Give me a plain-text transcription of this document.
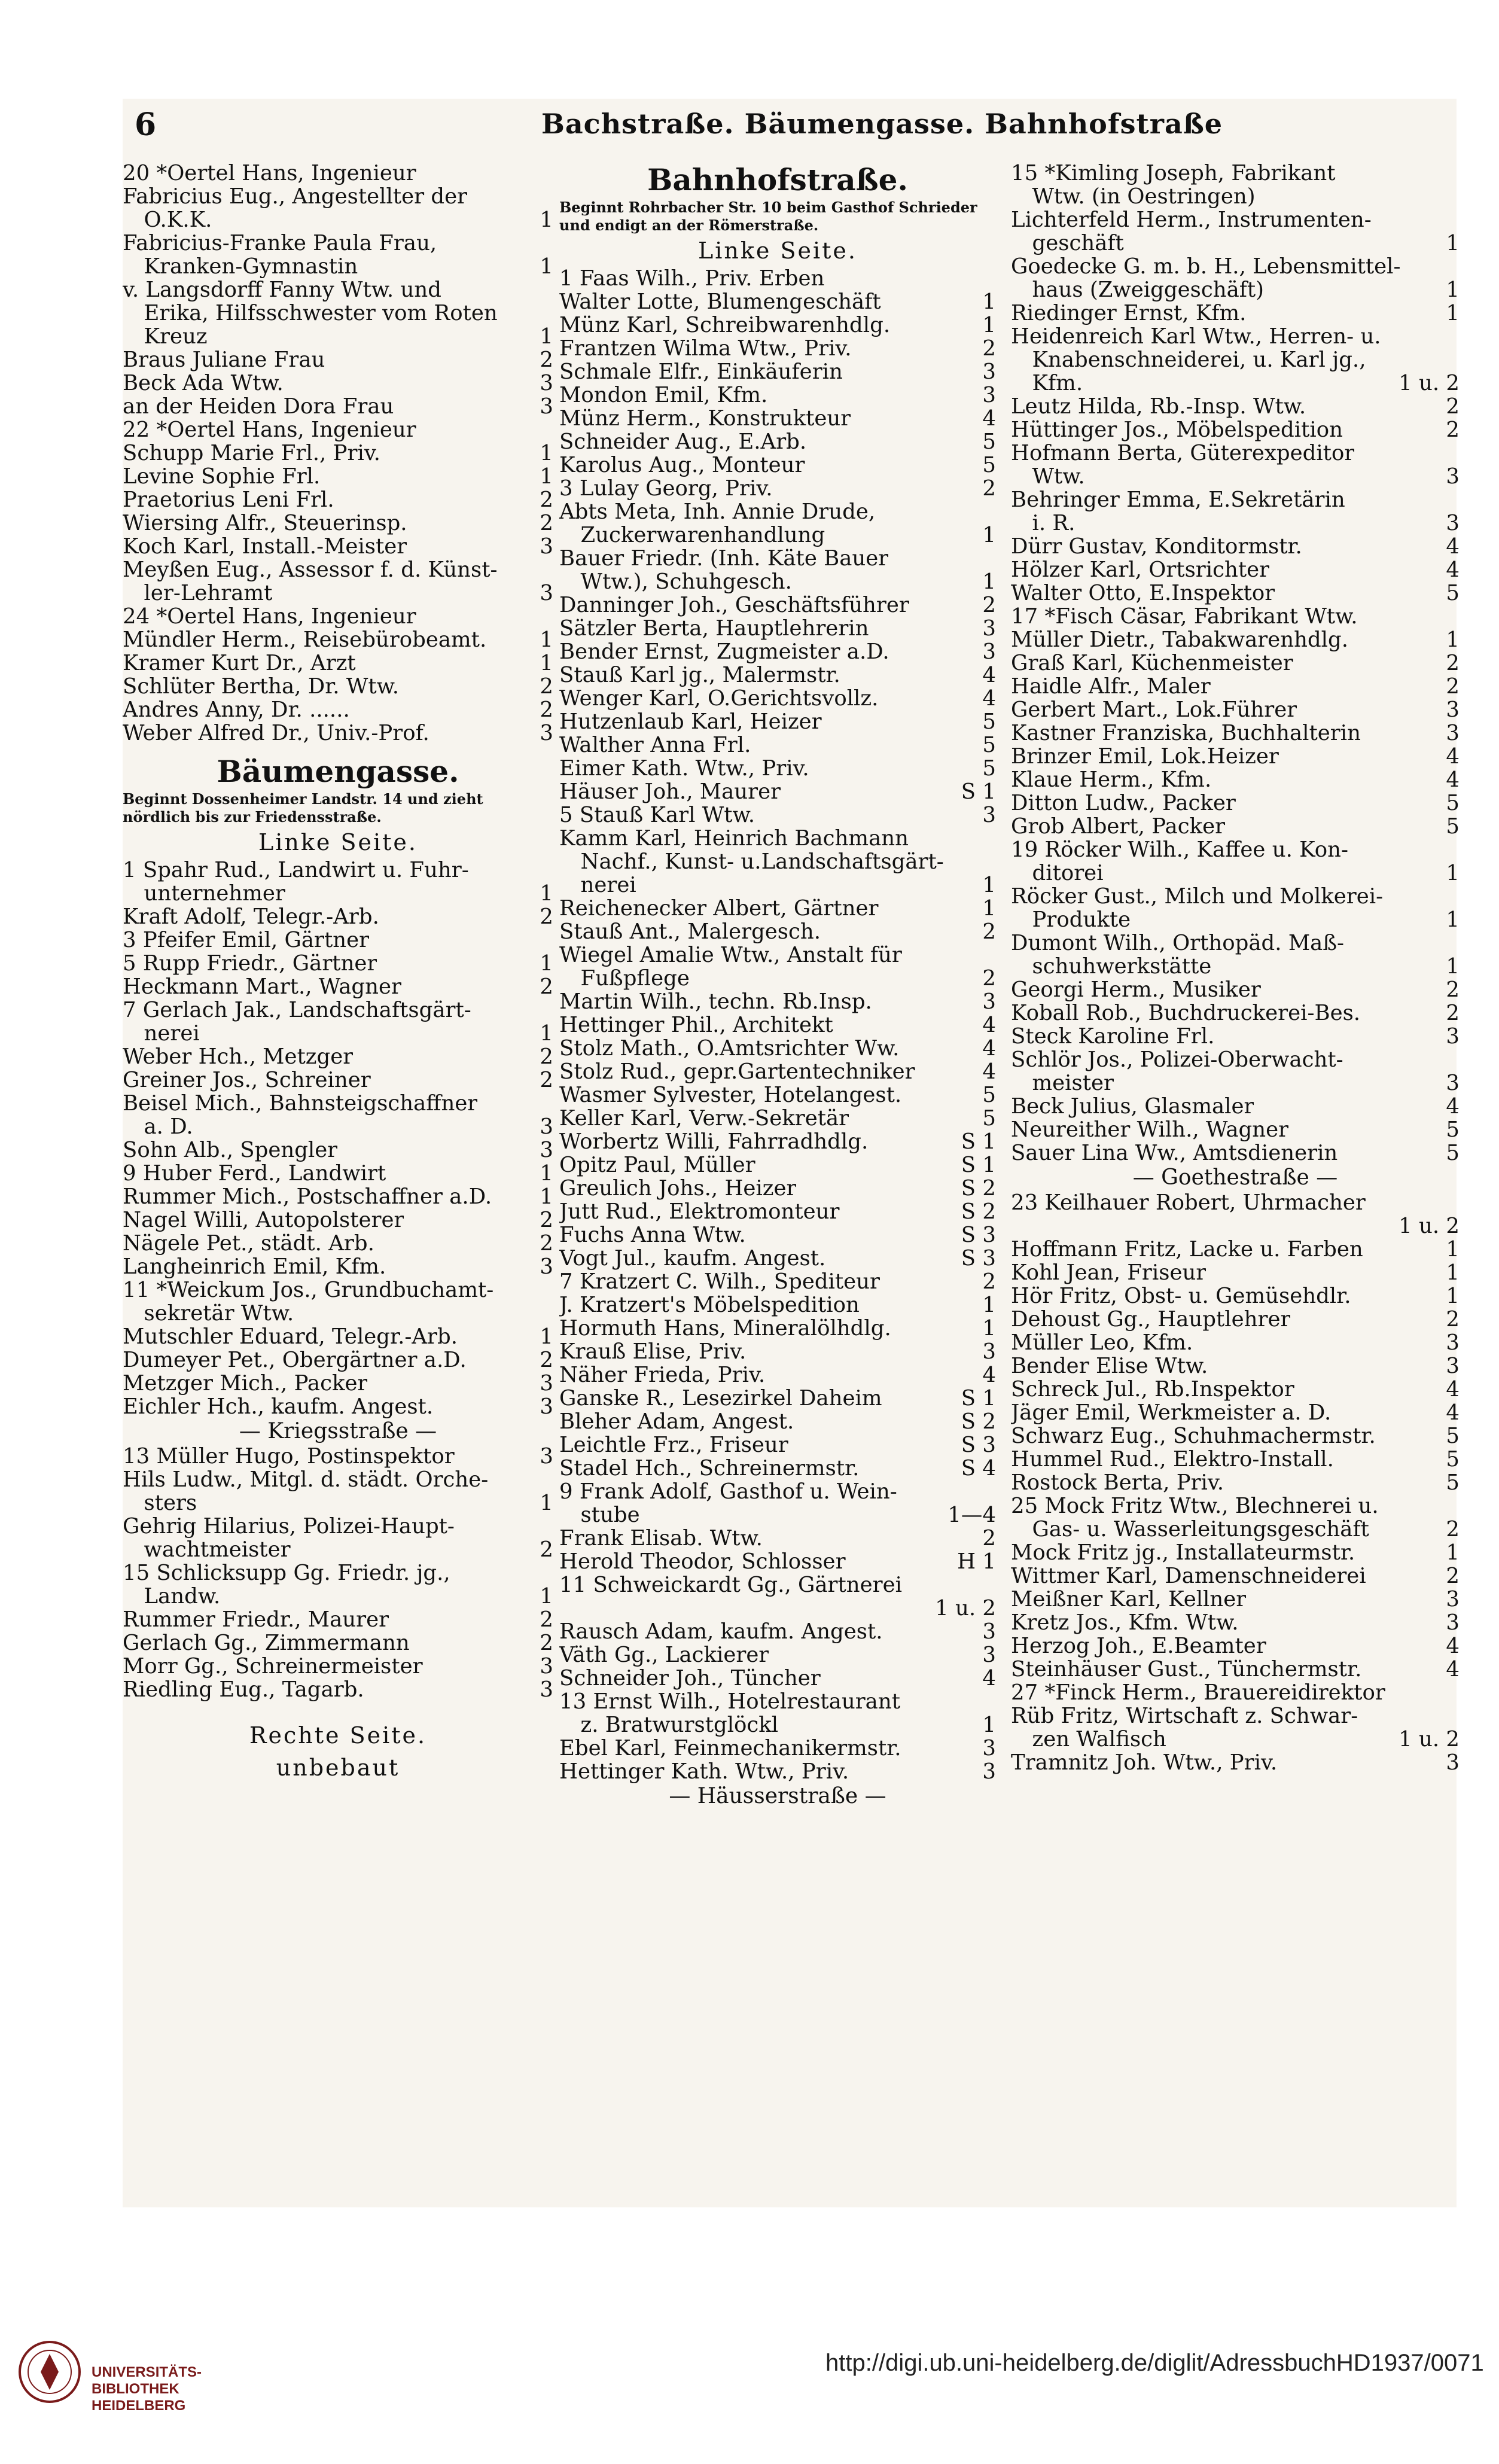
6	Bachstraße. Bäumengasse. Bahnhofstraße
20 *Oertel Hans, Ingenieur
Fabricius Eug., Angestellter der
 O.K.K.	1
Fabricius-Franke Paula Frau,
 Kranken-Gymnastin	1
v. Langsdorff Fanny Wtw. und
 Erika, Hilfsschwester vom Roten
 Kreuz	1
Braus Juliane Frau	2
Beck Ada Wtw.	3
an der Heiden Dora Frau	3
22 *Oertel Hans, Ingenieur
Schupp Marie Frl., Priv.	1
Levine Sophie Frl.	1
Praetorius Leni Frl.	2
Wiersing Alfr., Steuerinsp.	2
Koch Karl, Install.-Meister	3
Meyßen Eug., Assessor f. d. Künst-
 ler-Lehramt	3
24 *Oertel Hans, Ingenieur
Mündler Herm., Reisebürobeamt.	1
Kramer Kurt Dr., Arzt	1
Schlüter Bertha, Dr. Wtw.	2
Andres Anny, Dr. ......	2
Weber Alfred Dr., Univ.-Prof.	3
Bäumengasse.
Beginnt Dossenheimer Landstr. 14 und zieht nördlich bis zur Friedensstraße.
Linke Seite.
1 Spahr Rud., Landwirt u. Fuhr-
 unternehmer	1
Kraft Adolf, Telegr.-Arb.	2
3 Pfeifer Emil, Gärtner
5 Rupp Friedr., Gärtner	1
Heckmann Mart., Wagner	2
7 Gerlach Jak., Landschaftsgärt-
 nerei	1
Weber Hch., Metzger	2
Greiner Jos., Schreiner	2
Beisel Mich., Bahnsteigschaffner
 a. D.	3
Sohn Alb., Spengler	3
9 Huber Ferd., Landwirt	1
Rummer Mich., Postschaffner a.D. 1
Nagel Willi, Autopolsterer	2
Nägele Pet., städt. Arb.	2
Langheinrich Emil, Kfm.	3
11 *Weickum Jos., Grundbuchamt-
 sekretär Wtw.
Mutschler Eduard, Telegr.-Arb.	1
Dumeyer Pet., Obergärtner a.D.	2
Metzger Mich., Packer	3
Eichler Hch., kaufm. Angest.	3
— Kriegsstraße —
13 Müller Hugo, Postinspektor	3
Hils Ludw., Mitgl. d. städt. Orche-
 sters	1
Gehrig Hilarius, Polizei-Haupt-
 wachtmeister	2
15 Schlicksupp Gg. Friedr. jg.,
 Landw.	1
Rummer Friedr., Maurer	2
Gerlach Gg., Zimmermann	2
Morr Gg., Schreinermeister	3
Riedling Eug., Tagarb.	3
Rechte Seite.
unbebaut
Bahnhofstraße.
Beginnt Rohrbacher Str. 10 beim Gasthof Schrieder und endigt an der Römerstraße.
Linke Seite.
1 Faas Wilh., Priv. Erben
Walter Lotte, Blumengeschäft	1
Münz Karl, Schreibwarenhdlg.	1
Frantzen Wilma Wtw., Priv.	2
Schmale Elfr., Einkäuferin	3
Mondon Emil, Kfm.	3
Münz Herm., Konstrukteur	4
Schneider Aug., E.Arb.	5
Karolus Aug., Monteur	5
3 Lulay Georg, Priv.	2
Abts Meta, Inh. Annie Drude,
 Zuckerwarenhandlung	1
Bauer Friedr. (Inh. Käte Bauer
 Wtw.), Schuhgesch.	1
Danninger Joh., Geschäftsführer	2
Sätzler Berta, Hauptlehrerin	3
Bender Ernst, Zugmeister a.D.	3
Stauß Karl jg., Malermstr.	4
Wenger Karl, O.Gerichtsvollz.	4
Hutzenlaub Karl, Heizer	5
Walther Anna Frl.	5
Eimer Kath. Wtw., Priv.	5
Häuser Joh., Maurer	S 1
5 Stauß Karl Wtw.	3
Kamm Karl, Heinrich Bachmann
 Nachf., Kunst- u.Landschaftsgärt-
 nerei	1
Reichenecker Albert, Gärtner	1
Stauß Ant., Malergesch.	2
Wiegel Amalie Wtw., Anstalt für
 Fußpflege	2
Martin Wilh., techn. Rb.Insp.	3
Hettinger Phil., Architekt	4
Stolz Math., O.Amtsrichter Ww.	4
Stolz Rud., gepr.Gartentechniker	4
Wasmer Sylvester, Hotelangest.	5
Keller Karl, Verw.-Sekretär	5
Worbertz Willi, Fahrradhdlg.	S 1
Opitz Paul, Müller	S 1
Greulich Johs., Heizer	S 2
Jutt Rud., Elektromonteur	S 2
Fuchs Anna Wtw.	S 3
Vogt Jul., kaufm. Angest.	S 3
7 Kratzert C. Wilh., Spediteur	2
J. Kratzert's Möbelspedition	1
Hormuth Hans, Mineralölhdlg.	1
Krauß Elise, Priv.	3
Näher Frieda, Priv.	4
Ganske R., Lesezirkel Daheim	S 1
Bleher Adam, Angest.	S 2
Leichtle Frz., Friseur	S 3
Stadel Hch., Schreinermstr.	S 4
9 Frank Adolf, Gasthof u. Wein-
 stube	1—4
Frank Elisab. Wtw.	2
Herold Theodor, Schlosser	H 1
11 Schweickardt Gg., Gärtnerei
1 u. 2
Rausch Adam, kaufm. Angest.	3
Väth Gg., Lackierer	3
Schneider Joh., Tüncher	4
13 Ernst Wilh., Hotelrestaurant
 z. Bratwurstglöckl	1
Ebel Karl, Feinmechanikermstr.	3
Hettinger Kath. Wtw., Priv.	3
— Häusserstraße —
15 *Kimling Joseph, Fabrikant
 Wtw. (in Oestringen)
Lichterfeld Herm., Instrumenten-
 geschäft	1
Goedecke G. m. b. H., Lebensmittel-
 haus (Zweiggeschäft)	1
Riedinger Ernst, Kfm.	1
Heidenreich Karl Wtw., Herren- u.
 Knabenschneiderei, u. Karl jg.,
 Kfm.	1 u. 2
Leutz Hilda, Rb.-Insp. Wtw.	2
Hüttinger Jos., Möbelspedition	2
Hofmann Berta, Güterexpeditor
 Wtw.	3
Behringer Emma, E.Sekretärin
 i. R.	3
Dürr Gustav, Konditormstr.	4
Hölzer Karl, Ortsrichter	4
Walter Otto, E.Inspektor	5
17 *Fisch Cäsar, Fabrikant Wtw.
Müller Dietr., Tabakwarenhdlg.	1
Graß Karl, Küchenmeister	2
Haidle Alfr., Maler	2
Gerbert Mart., Lok.Führer	3
Kastner Franziska, Buchhalterin	3
Brinzer Emil, Lok.Heizer	4
Klaue Herm., Kfm.	4
Ditton Ludw., Packer	5
Grob Albert, Packer	5
19 Röcker Wilh., Kaffee u. Kon-
 ditorei	1
Röcker Gust., Milch und Molkerei-
 Produkte	1
Dumont Wilh., Orthopäd. Maß-
 schuhwerkstätte	1
Georgi Herm., Musiker	2
Koball Rob., Buchdruckerei-Bes.	2
Steck Karoline Frl.	3
Schlör Jos., Polizei-Oberwacht-
 meister	3
Beck Julius, Glasmaler	4
Neureither Wilh., Wagner	5
Sauer Lina Ww., Amtsdienerin	5
— Goethestraße —
23 Keilhauer Robert, Uhrmacher
1 u. 2
Hoffmann Fritz, Lacke u. Farben	1
Kohl Jean, Friseur	1
Hör Fritz, Obst- u. Gemüsehdlr.	1
Dehoust Gg., Hauptlehrer	2
Müller Leo, Kfm.	3
Bender Elise Wtw.	3
Schreck Jul., Rb.Inspektor	4
Jäger Emil, Werkmeister a. D.	4
Schwarz Eug., Schuhmachermstr.	5
Hummel Rud., Elektro-Install.	5
Rostock Berta, Priv.	5
25 Mock Fritz Wtw., Blechnerei u.
 Gas- u. Wasserleitungsgeschäft	2
Mock Fritz jg., Installateurmstr.	1
Wittmer Karl, Damenschneiderei	2
Meißner Karl, Kellner	3
Kretz Jos., Kfm. Wtw.	3
Herzog Joh., E.Beamter	4
Steinhäuser Gust., Tünchermstr.	4
27 *Finck Herm., Brauereidirektor
Rüb Fritz, Wirtschaft z. Schwar-
 zen Walfisch	1 u. 2
Tramnitz Joh. Wtw., Priv.	3
UNIVERSITÄTS-
BIBLIOTHEK
HEIDELBERG
http://digi.ub.uni-heidelberg.de/diglit/AdressbuchHD1937/0071
